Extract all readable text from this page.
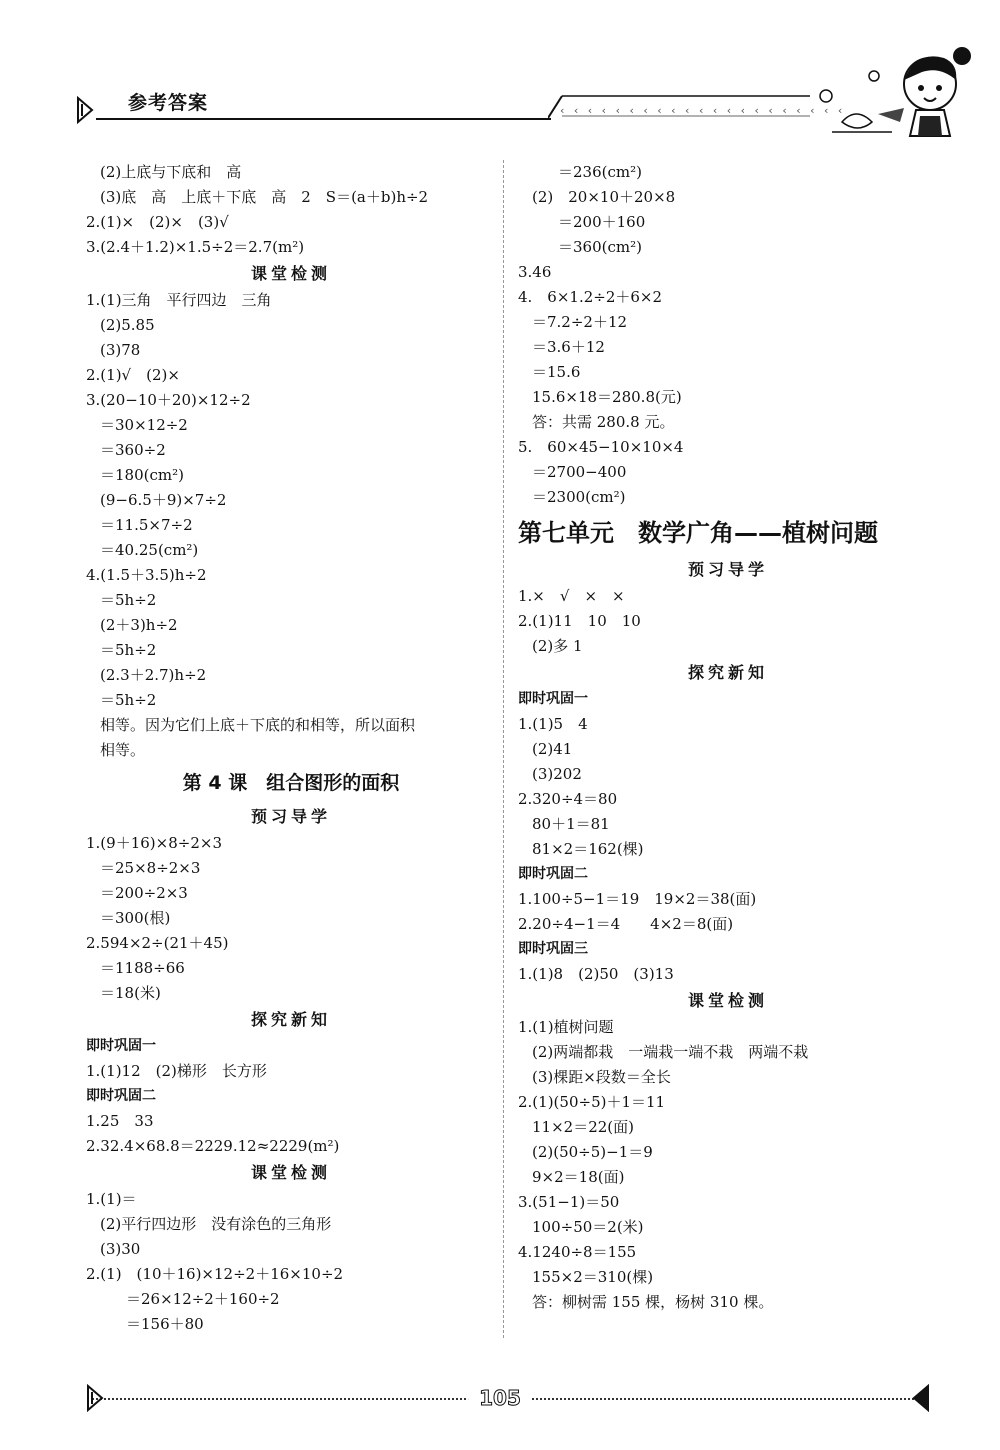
参考答案	‹ ‹ ‹ ‹ ‹ ‹ ‹ ‹ ‹ ‹ ‹ ‹ ‹ ‹ ‹ ‹ ‹ ‹ ‹ ‹ ‹
(2)上底与下底和　高
(3)底　高　上底＋下底　高　2　S＝(a＋b)h÷2
2.(1)×　(2)×　(3)√
3.(2.4＋1.2)×1.5÷2＝2.7(m²)
课堂检测
1.(1)三角　平行四边　三角
(2)5.85
(3)78
2.(1)√　(2)×
3.(20−10＋20)×12÷2
＝30×12÷2
＝360÷2
＝180(cm²)
(9−6.5＋9)×7÷2
＝11.5×7÷2
＝40.25(cm²)
4.(1.5＋3.5)h÷2
＝5h÷2
(2＋3)h÷2
＝5h÷2
(2.3＋2.7)h÷2
＝5h÷2
相等。因为它们上底＋下底的和相等，所以面积
相等。
第 4 课　组合图形的面积
预习导学
1.(9＋16)×8÷2×3
＝25×8÷2×3
＝200÷2×3
＝300(根)
2.594×2÷(21＋45)
＝1188÷66
＝18(米)
探究新知
即时巩固一
1.(1)12　(2)梯形　长方形
即时巩固二
1.25　33
2.32.4×68.8＝2229.12≈2229(m²)
课堂检测
1.(1)＝
(2)平行四边形　没有涂色的三角形
(3)30
2.(1)　(10＋16)×12÷2＋16×10÷2
＝26×12÷2＋160÷2
＝156＋80
＝236(cm²)
(2)　20×10＋20×8
＝200＋160
＝360(cm²)
3.46
4.　6×1.2÷2＋6×2
＝7.2÷2＋12
＝3.6＋12
＝15.6
15.6×18＝280.8(元)
答：共需 280.8 元。
5.　60×45−10×10×4
＝2700−400
＝2300(cm²)
第七单元　数学广角——植树问题
预习导学
1.×　√　×　×
2.(1)11　10　10
(2)多 1
探究新知
即时巩固一
1.(1)5　4
(2)41
(3)202
2.320÷4＝80
80＋1＝81
81×2＝162(棵)
即时巩固二
1.100÷5−1＝19　19×2＝38(面)
2.20÷4−1＝4　　4×2＝8(面)
即时巩固三
1.(1)8　(2)50　(3)13
课堂检测
1.(1)植树问题
(2)两端都栽　一端栽一端不栽　两端不栽
(3)棵距×段数＝全长
2.(1)(50÷5)＋1＝11
11×2＝22(面)
(2)(50÷5)−1＝9
9×2＝18(面)
3.(51−1)＝50
100÷50＝2(米)
4.1240÷8＝155
155×2＝310(棵)
答：柳树需 155 棵，杨树 310 棵。
105
